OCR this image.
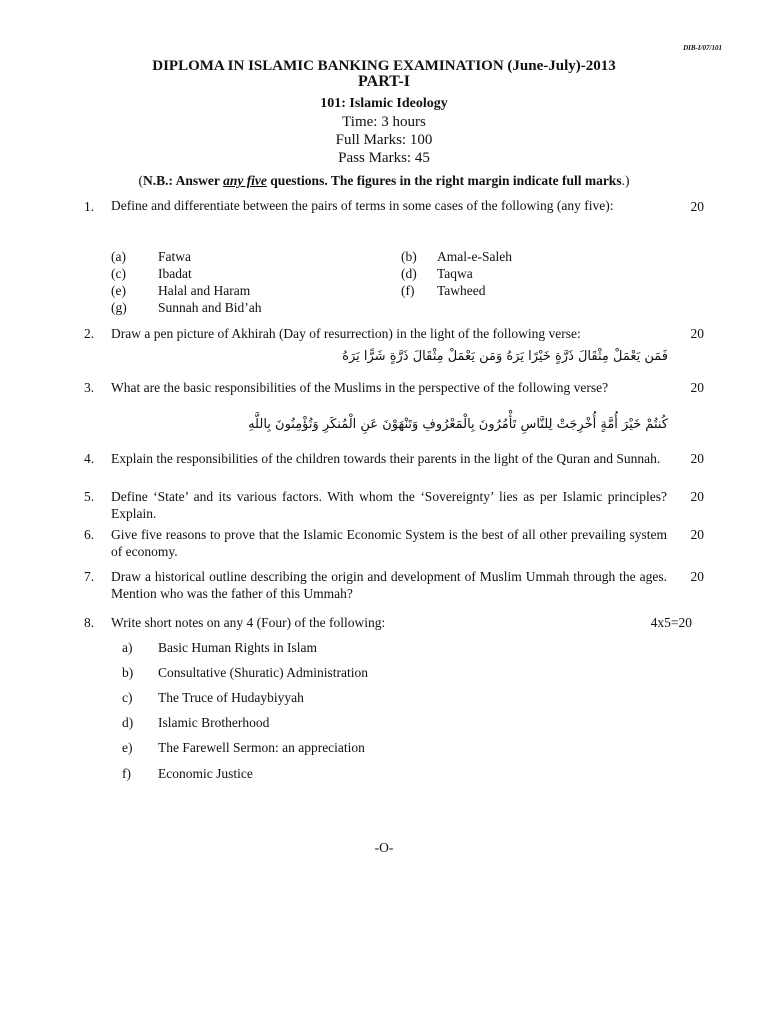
DIB-I/07/101
DIPLOMA IN ISLAMIC BANKING EXAMINATION (June-July)-2013
PART-I
101: Islamic Ideology
Time: 3 hours
Full Marks: 100
Pass Marks: 45
(N.B.: Answer any five questions. The figures in the right margin indicate full marks.)
1. Define and differentiate between the pairs of terms in some cases of the following (any five):	20
(a) Fatwa	(b) Amal-e-Saleh
(c) Ibadat	(d) Taqwa
(e) Halal and Haram	(f) Tawheed
(g) Sunnah and Bid’ah
2. Draw a pen picture of Akhirah (Day of resurrection) in the light of the following verse:	20
فَمَن يَعْمَلْ مِثْقَالَ ذَرَّةٍ خَيْرًا يَرَهُ وَمَن يَعْمَلْ مِثْقَالَ ذَرَّةٍ شَرًّا يَرَهُ
3. What are the basic responsibilities of the Muslims in the perspective of the following verse?	20
كُنتُمْ خَيْرَ أُمَّةٍ أُخْرِجَتْ لِلنَّاسِ تَأْمُرُونَ بِالْمَعْرُوفِ وَتَنْهَوْنَ عَنِ الْمُنكَرِ وَتُؤْمِنُونَ بِاللَّهِ
4. Explain the responsibilities of the children towards their parents in the light of the Quran and Sunnah.	20
5. Define ‘State’ and its various factors. With whom the ‘Sovereignty’ lies as per Islamic principles? Explain.
20
6. Give five reasons to prove that the Islamic Economic System is the best of all other prevailing system of economy.
20
7. Draw a historical outline describing the origin and development of Muslim Ummah through the ages. Mention who was the father of this Ummah?
20
8. Write short notes on any 4 (Four) of the following:	4x5=20
a) Basic Human Rights in Islam
b) Consultative (Shuratic) Administration
c) The Truce of Hudaybiyyah
d) Islamic Brotherhood
e) The Farewell Sermon: an appreciation
f) Economic Justice
-O-
